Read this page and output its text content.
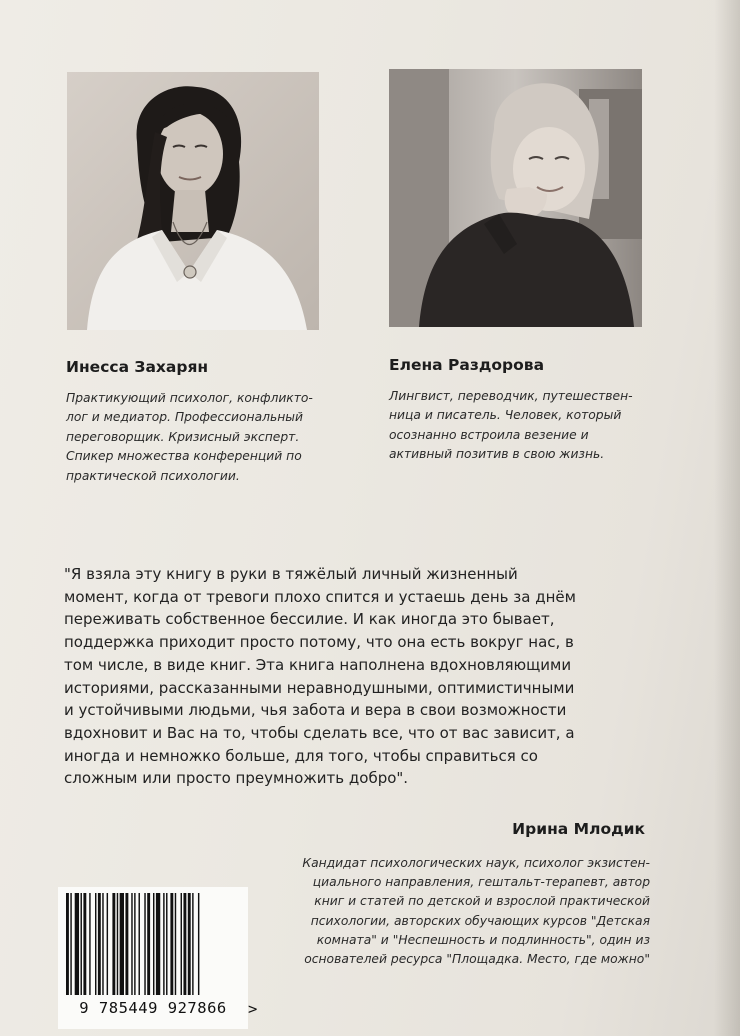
Инесса Захарян
Практикующий психолог, конфликто-
лог и медиатор. Профессиональный
переговорщик. Кризисный эксперт.
Спикер множества конференций по
практической психологии.
Елена Раздорова
Лингвист, переводчик, путешествен-
ница и писатель. Человек, который
осознанно встроила везение и
активный позитив в свою жизнь.
"Я взяла эту книгу в руки в тяжёлый личный жизненный
момент, когда от тревоги плохо спится и устаешь день за днём
переживать собственное бессилие. И как иногда это бывает,
поддержка приходит просто потому, что она есть вокруг нас, в
том числе, в виде книг. Эта книга наполнена вдохновляющими
историями, рассказанными неравнодушными, оптимистичными
и устойчивыми людьми, чья забота и вера в свои возможности
вдохновит и Вас на то, чтобы сделать все, что от вас зависит, а
иногда и немножко больше, для того, чтобы справиться со
сложным или просто преумножить добро".
Ирина Млодик
Кандидат психологических наук, психолог экзистен-
циального направления, гештальт-терапевт, автор
книг и статей по детской и взрослой практической
психологии, авторских обучающих курсов "Детская
комната" и "Неспешность и подлинность", один из
основателей ресурса "Площадка. Место, где можно"
9 785449 927866	>
